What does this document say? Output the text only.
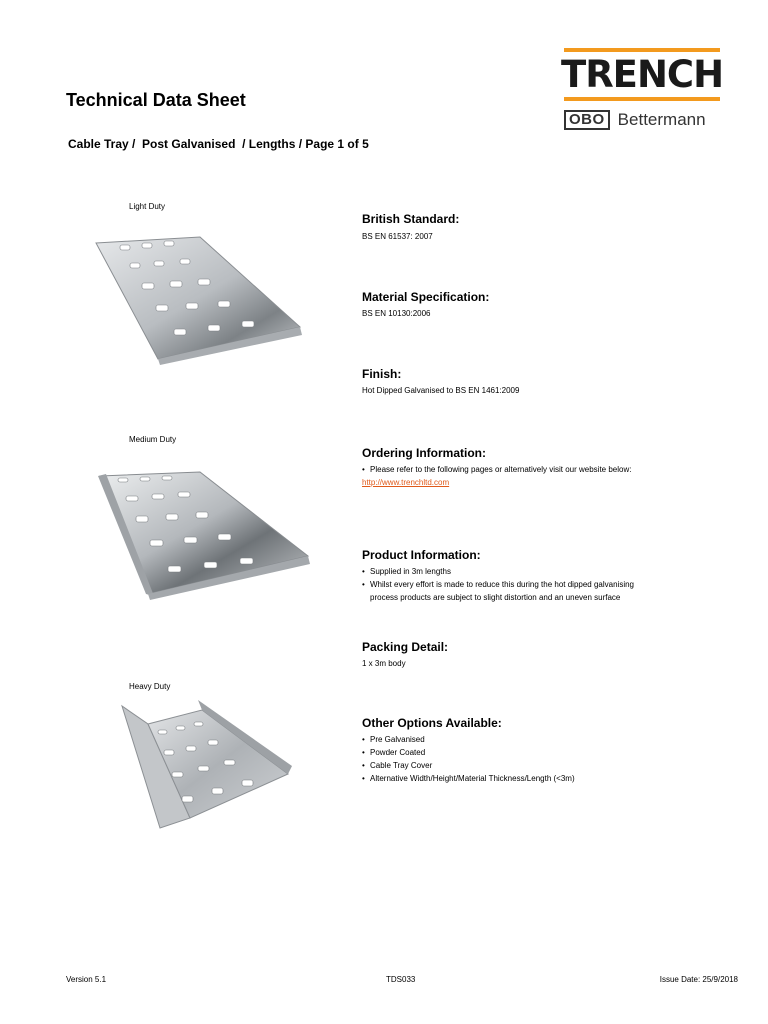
Technical Data Sheet
Cable Tray /  Post Galvanised  / Lengths / Page 1 of 5
TRENCH
OBO Bettermann
Light Duty
Medium Duty
Heavy Duty
British Standard:
BS EN 61537: 2007
Material Specification:
BS EN 10130:2006
Finish:
Hot Dipped Galvanised to BS EN 1461:2009
Ordering Information:
• Please refer to the following pages or alternatively visit our website below:
http://www.trenchltd.com
Product Information:
• Supplied in 3m lengths
• Whilst every effort is made to reduce this during the hot dipped galvanising process products are subject to slight distortion and an uneven surface
Packing Detail:
1 x 3m body
Other Options Available:
• Pre Galvanised
• Powder Coated
• Cable Tray Cover
• Alternative Width/Height/Material Thickness/Length (<3m)
Version 5.1	TDS033	Issue Date: 25/9/2018
